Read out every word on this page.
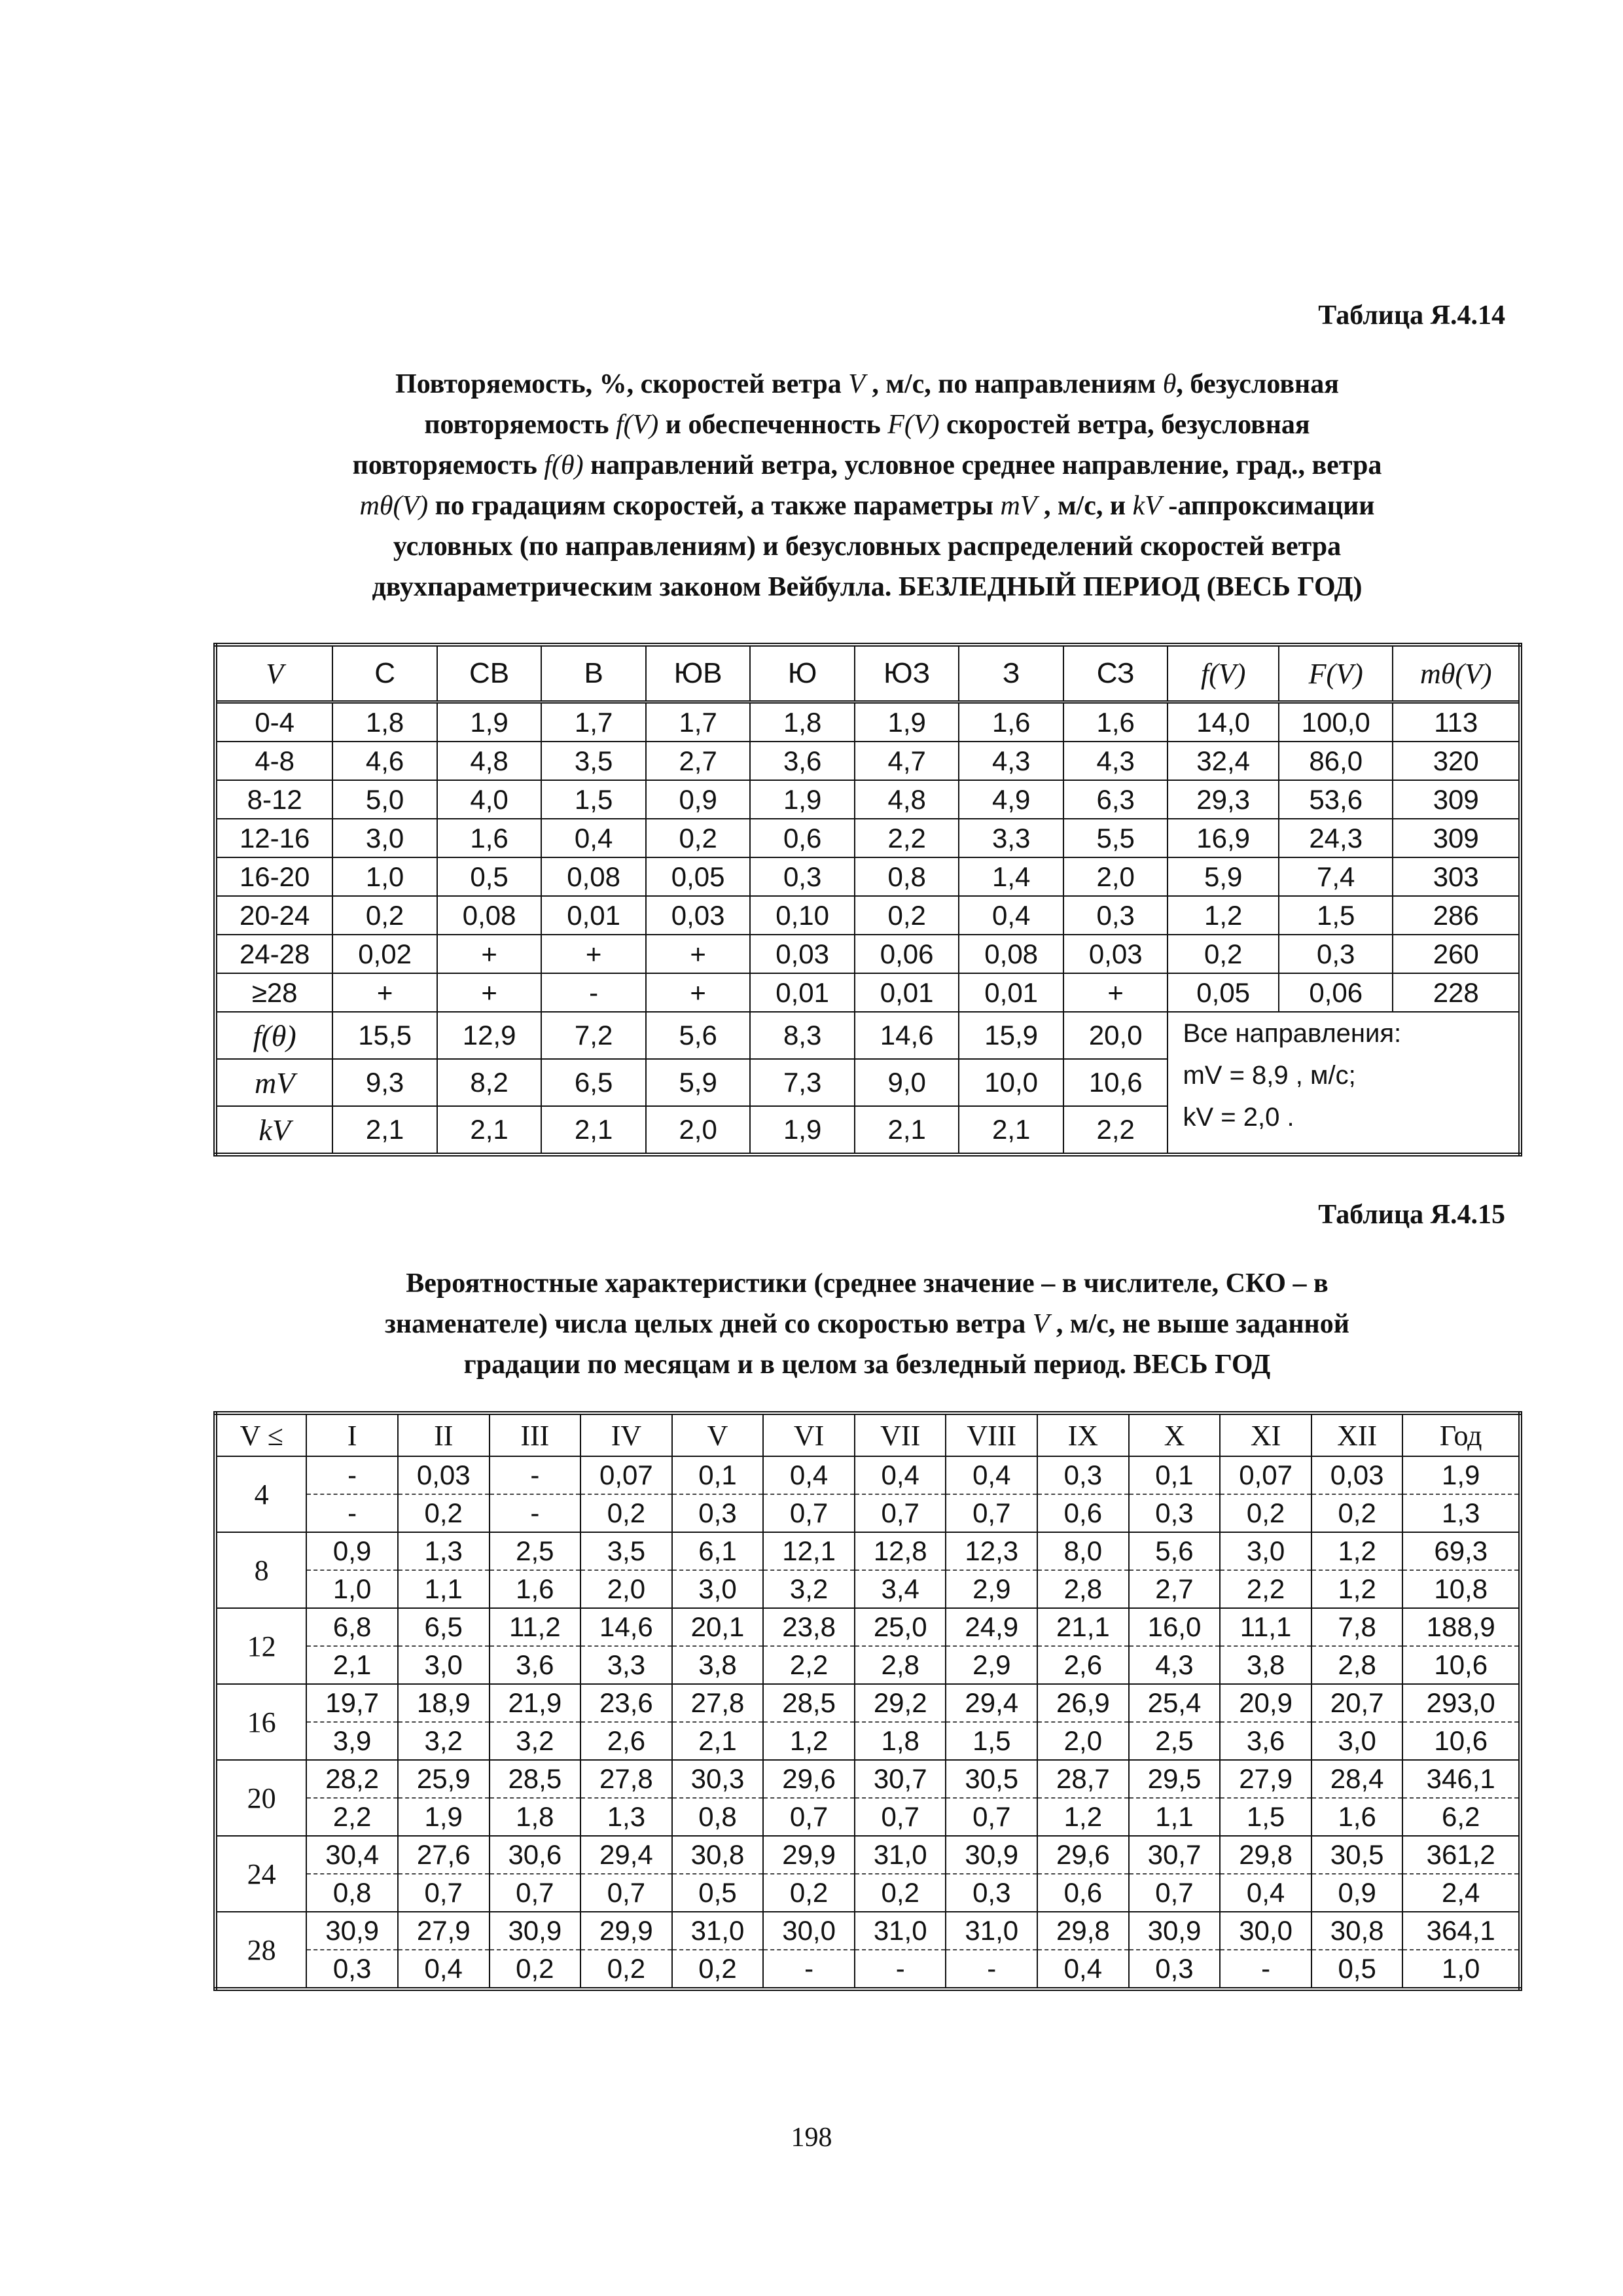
Таблица Я.4.14
Повторяемость, %, скоростей ветра V , м/с, по направлениям θ, безусловная
повторяемость f(V) и обеспеченность F(V) скоростей ветра, безусловная
повторяемость f(θ) направлений ветра, условное среднее направление, град., ветра
mθ(V) по градациям скоростей, а также параметры mV , м/с, и kV -аппроксимации
условных (по направлениям) и безусловных распределений скоростей ветра
двухпараметрическим законом Вейбулла. БЕЗЛЕДНЫЙ ПЕРИОД (ВЕСЬ ГОД)
V	С	СВ	В	ЮВ	Ю	ЮЗ	З	СЗ	f(V)	F(V)	mθ(V)
0-4	1,8	1,9	1,7	1,7	1,8	1,9	1,6	1,6	14,0	100,0	113
4-8	4,6	4,8	3,5	2,7	3,6	4,7	4,3	4,3	32,4	86,0	320
8-12	5,0	4,0	1,5	0,9	1,9	4,8	4,9	6,3	29,3	53,6	309
12-16	3,0	1,6	0,4	0,2	0,6	2,2	3,3	5,5	16,9	24,3	309
16-20	1,0	0,5	0,08	0,05	0,3	0,8	1,4	2,0	5,9	7,4	303
20-24	0,2	0,08	0,01	0,03	0,10	0,2	0,4	0,3	1,2	1,5	286
24-28	0,02	+	+	+	0,03	0,06	0,08	0,03	0,2	0,3	260
≥28	+	+	-	+	0,01	0,01	0,01	+	0,05	0,06	228
f(θ)	15,5	12,9	7,2	5,6	8,3	14,6	15,9	20,0	Все направления:
mV = 8,9 , м/с;
kV = 2,0 .		

mV	9,3	8,2	6,5	5,9	7,3	9,0	10,0	10,6			
kV	2,1	2,1	2,1	2,0	1,9	2,1	2,1	2,2			
Таблица Я.4.15
Вероятностные характеристики (среднее значение – в числителе, СКО – в
знаменателе) числа целых дней со скоростью ветра V , м/с, не выше заданной
градации по месяцам и в целом за безледный период. ВЕСЬ ГОД
V ≤	I	II	III	IV	V	VI	VII	VIII	IX	X	XI	XII	Год
4	-	0,03	-	0,07	0,1	0,4	0,4	0,4	0,3	0,1	0,07	0,03	1,9
	-	0,2	-	0,2	0,3	0,7	0,7	0,7	0,6	0,3	0,2	0,2	1,3
8	0,9	1,3	2,5	3,5	6,1	12,1	12,8	12,3	8,0	5,6	3,0	1,2	69,3
	1,0	1,1	1,6	2,0	3,0	3,2	3,4	2,9	2,8	2,7	2,2	1,2	10,8
12	6,8	6,5	11,2	14,6	20,1	23,8	25,0	24,9	21,1	16,0	11,1	7,8	188,9
	2,1	3,0	3,6	3,3	3,8	2,2	2,8	2,9	2,6	4,3	3,8	2,8	10,6
16	19,7	18,9	21,9	23,6	27,8	28,5	29,2	29,4	26,9	25,4	20,9	20,7	293,0
	3,9	3,2	3,2	2,6	2,1	1,2	1,8	1,5	2,0	2,5	3,6	3,0	10,6
20	28,2	25,9	28,5	27,8	30,3	29,6	30,7	30,5	28,7	29,5	27,9	28,4	346,1
	2,2	1,9	1,8	1,3	0,8	0,7	0,7	0,7	1,2	1,1	1,5	1,6	6,2
24	30,4	27,6	30,6	29,4	30,8	29,9	31,0	30,9	29,6	30,7	29,8	30,5	361,2
	0,8	0,7	0,7	0,7	0,5	0,2	0,2	0,3	0,6	0,7	0,4	0,9	2,4
28	30,9	27,9	30,9	29,9	31,0	30,0	31,0	31,0	29,8	30,9	30,0	30,8	364,1
	0,3	0,4	0,2	0,2	0,2	-	-	-	0,4	0,3	-	0,5	1,0
198
